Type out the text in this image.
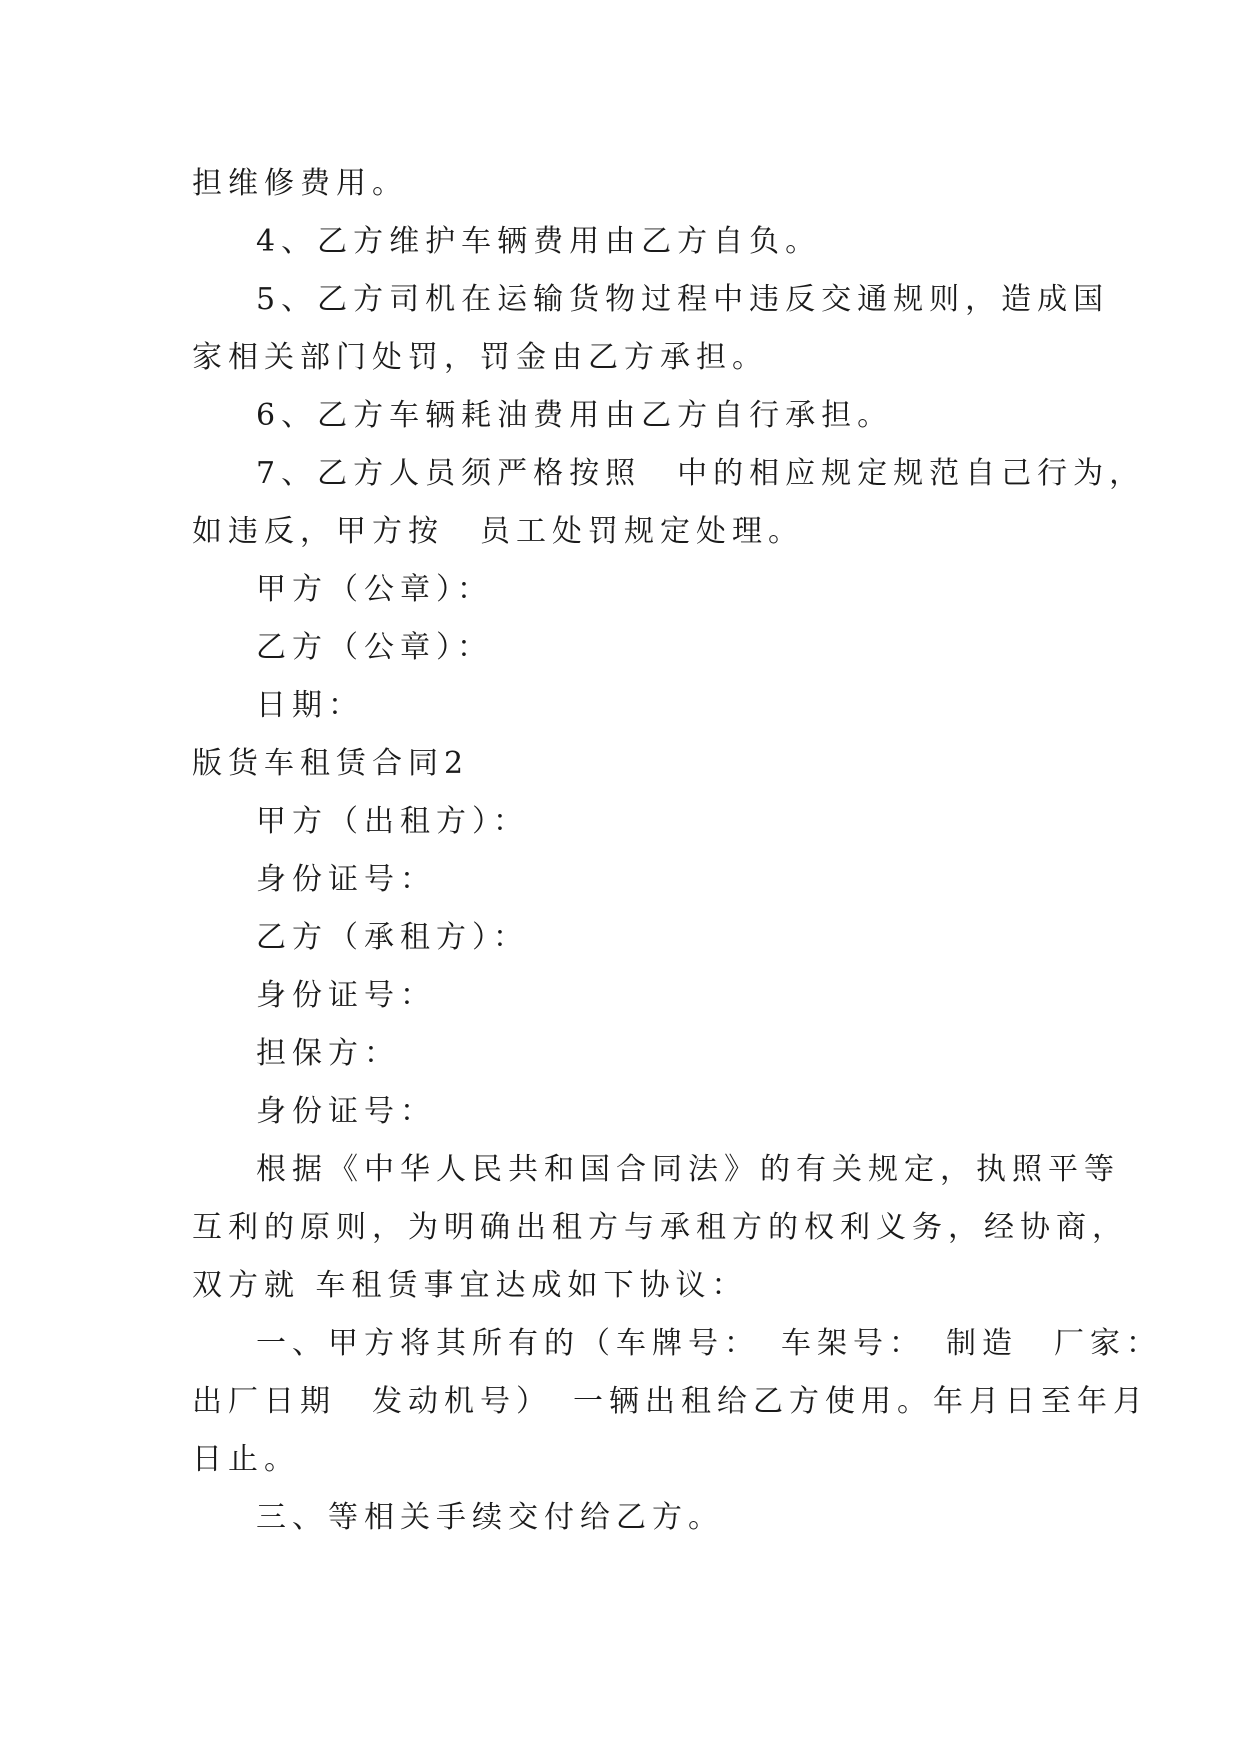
担维修费用。
4、乙方维护车辆费用由乙方自负。
5、乙方司机在运输货物过程中违反交通规则，造成国
家相关部门处罚，罚金由乙方承担。
6、乙方车辆耗油费用由乙方自行承担。
7、乙方人员须严格按照　中的相应规定规范自己行为，
如违反，甲方按　员工处罚规定处理。
甲方（公章）：
乙方（公章）：
日期：
版货车租赁合同2
甲方（出租方）：
身份证号：
乙方（承租方）：
身份证号：
担保方：
身份证号：
根据《中华人民共和国合同法》的有关规定，执照平等
互利的原则，为明确出租方与承租方的权利义务，经协商，
双方就 车租赁事宜达成如下协议：
一、甲方将其所有的（车牌号：　车架号：　制造　厂家：
出厂日期　发动机号）　一辆出租给乙方使用。年月日至年月
日止。
三、等相关手续交付给乙方。
